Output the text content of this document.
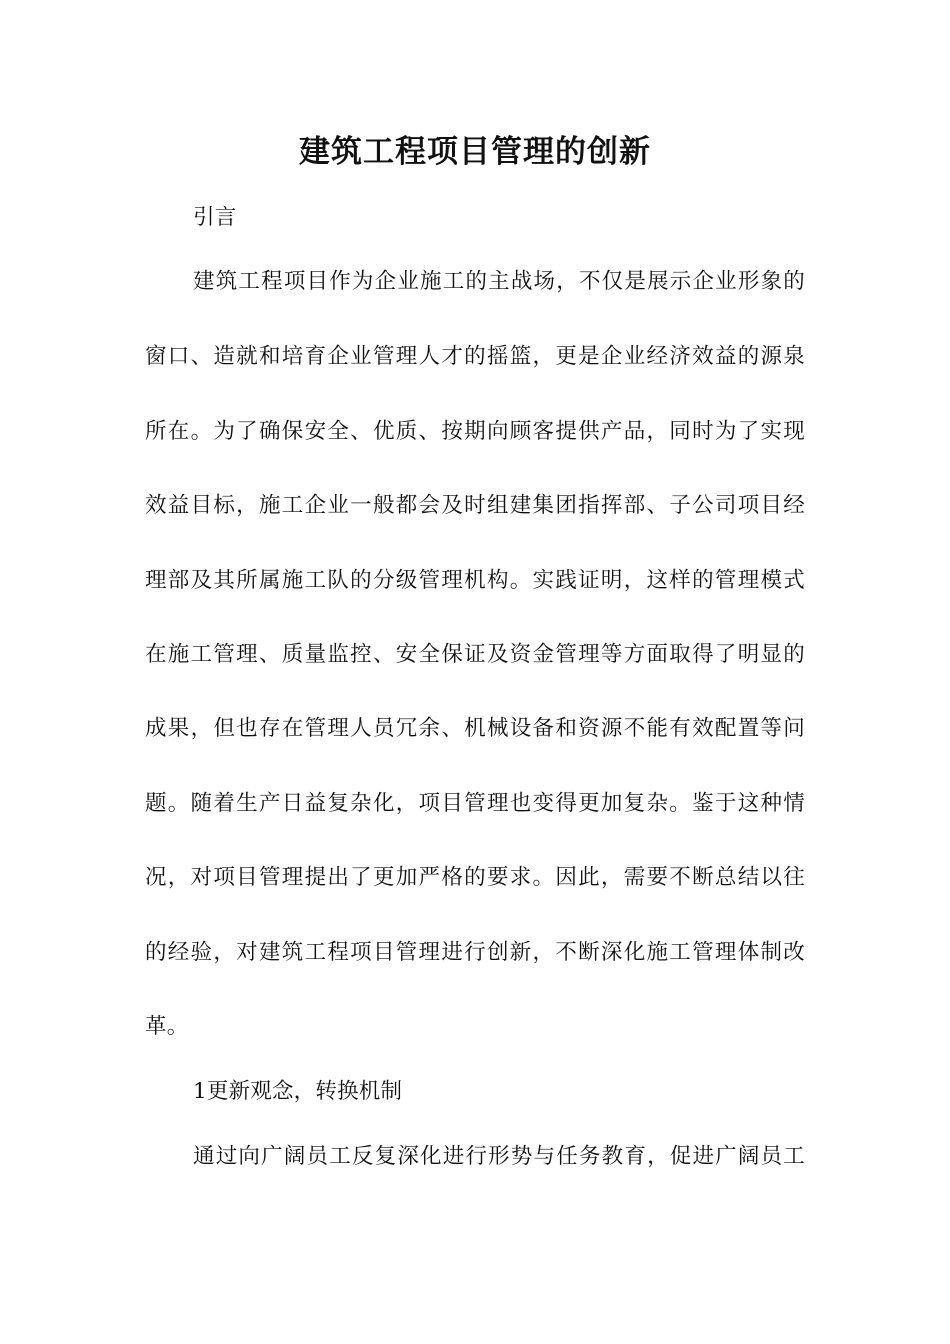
建筑工程项目管理的创新
引言
建筑工程项目作为企业施工的主战场，不仅是展示企业形象的
窗口、造就和培育企业管理人才的摇篮，更是企业经济效益的源泉
所在。为了确保安全、优质、按期向顾客提供产品，同时为了实现
效益目标，施工企业一般都会及时组建集团指挥部、子公司项目经
理部及其所属施工队的分级管理机构。实践证明，这样的管理模式
在施工管理、质量监控、安全保证及资金管理等方面取得了明显的
成果，但也存在管理人员冗余、机械设备和资源不能有效配置等问
题。随着生产日益复杂化，项目管理也变得更加复杂。鉴于这种情
况，对项目管理提出了更加严格的要求。因此，需要不断总结以往
的经验，对建筑工程项目管理进行创新，不断深化施工管理体制改
革。
1更新观念，转换机制
通过向广阔员工反复深化进行形势与任务教育，促进广阔员工
